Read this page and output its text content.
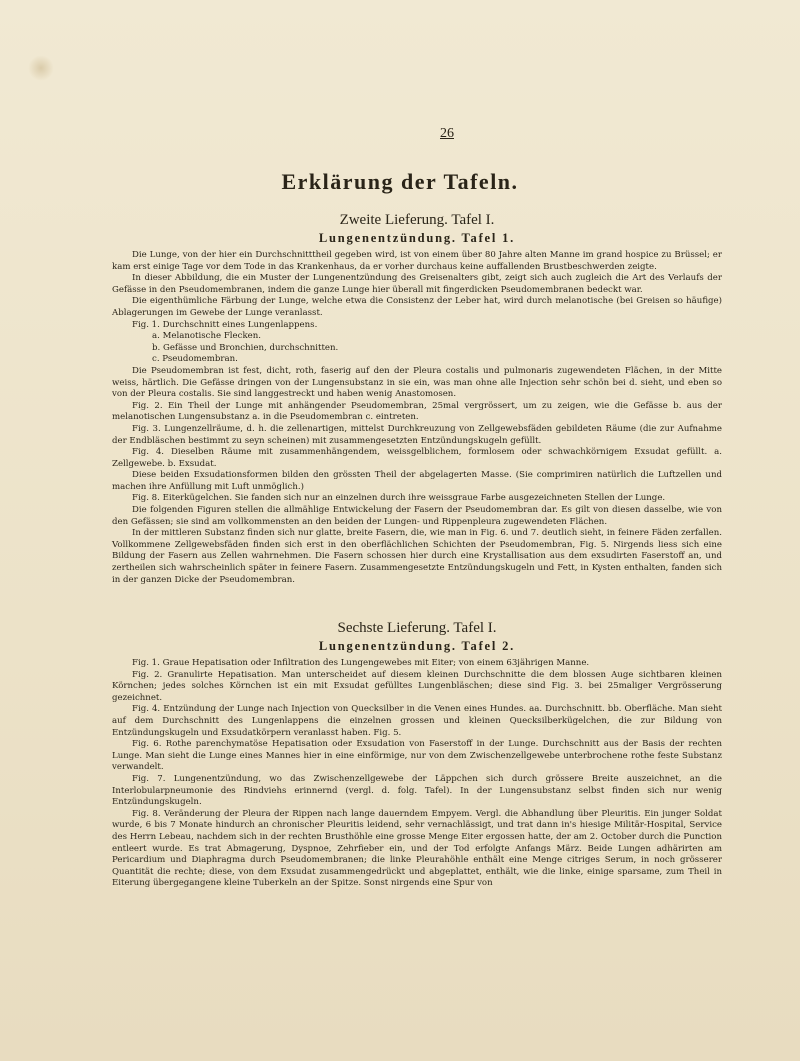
26
Erklärung der Tafeln.
Zweite Lieferung. Tafel I.
Lungenentzündung. Tafel 1.

Die Lunge, von der hier ein Durchschnitttheil gegeben wird, ist von einem über 80 Jahre alten Manne im grand hospice zu Brüssel; er kam erst einige Tage vor dem Tode in das Krankenhaus, da er vorher durchaus keine auffallenden Brustbeschwerden zeigte.

In dieser Abbildung, die ein Muster der Lungenentzündung des Greisenalters gibt, zeigt sich auch zugleich die Art des Verlaufs der Gefässe in den Pseudomembranen, indem die ganze Lunge hier überall mit fingerdicken Pseudomembranen bedeckt war.

Die eigenthümliche Färbung der Lunge, welche etwa die Consistenz der Leber hat, wird durch melanotische (bei Greisen so häufige) Ablagerungen im Gewebe der Lunge veranlasst.

Fig. 1. Durchschnitt eines Lungenlappens.

a. Melanotische Flecken.
b. Gefässe und Bronchien, durchschnitten.
c. Pseudomembran.

Die Pseudomembran ist fest, dicht, roth, faserig auf den der Pleura costalis und pulmonaris zugewendeten Flächen, in der Mitte weiss, härtlich. Die Gefässe dringen von der Lungensubstanz in sie ein, was man ohne alle Injection sehr schön bei d. sieht, und eben so von der Pleura costalis. Sie sind langgestreckt und haben wenig Anastomosen.

Fig. 2. Ein Theil der Lunge mit anhängender Pseudomembran, 25mal vergrössert, um zu zeigen, wie die Gefässe b. aus der melanotischen Lungensubstanz a. in die Pseudomembran c. eintreten.

Fig. 3. Lungenzellräume, d. h. die zellenartigen, mittelst Durchkreuzung von Zellgewebsfäden gebildeten Räume (die zur Aufnahme der Endbläschen bestimmt zu seyn scheinen) mit zusammengesetzten Entzündungskugeln gefüllt.

Fig. 4. Dieselben Räume mit zusammenhängendem, weissgelblichem, formlosem oder schwachkörnigem Exsudat gefüllt. a. Zellgewebe. b. Exsudat.

Diese beiden Exsudationsformen bilden den grössten Theil der abgelagerten Masse. (Sie comprimiren natürlich die Luftzellen und machen ihre Anfüllung mit Luft unmöglich.)

Fig. 8. Eiterkügelchen. Sie fanden sich nur an einzelnen durch ihre weissgraue Farbe ausgezeichneten Stellen der Lunge.

Die folgenden Figuren stellen die allmählige Entwickelung der Fasern der Pseudomembran dar. Es gilt von diesen dasselbe, wie von den Gefässen; sie sind am vollkommensten an den beiden der Lungen- und Rippenpleura zugewendeten Flächen.

In der mittleren Substanz finden sich nur glatte, breite Fasern, die, wie man in Fig. 6. und 7. deutlich sieht, in feinere Fäden zerfallen. Vollkommene Zellgewebsfäden finden sich erst in den oberflächlichen Schichten der Pseudomembran, Fig. 5. Nirgends liess sich eine Bildung der Fasern aus Zellen wahrnehmen. Die Fasern schossen hier durch eine Krystallisation aus dem exsudirten Faserstoff an, und zertheilen sich wahrscheinlich später in feinere Fasern. Zusammengesetzte Entzündungskugeln und Fett, in Kysten enthalten, fanden sich in der ganzen Dicke der Pseudomembran.

Sechste Lieferung. Tafel I.
Lungenentzündung. Tafel 2.

Fig. 1. Graue Hepatisation oder Infiltration des Lungengewebes mit Eiter; von einem 63jährigen Manne.

Fig. 2. Granulirte Hepatisation. Man unterscheidet auf diesem kleinen Durchschnitte die dem blossen Auge sichtbaren kleinen Körnchen; jedes solches Körnchen ist ein mit Exsudat gefülltes Lungenbläschen; diese sind Fig. 3. bei 25maliger Vergrösserung gezeichnet.

Fig. 4. Entzündung der Lunge nach Injection von Quecksilber in die Venen eines Hundes. aa. Durchschnitt. bb. Oberfläche. Man sieht auf dem Durchschnitt des Lungenlappens die einzelnen grossen und kleinen Quecksilberkügelchen, die zur Bildung von Entzündungskugeln und Exsudatkörpern veranlasst haben. Fig. 5.

Fig. 6. Rothe parenchymatöse Hepatisation oder Exsudation von Faserstoff in der Lunge. Durchschnitt aus der Basis der rechten Lunge. Man sieht die Lunge eines Mannes hier in eine einförmige, nur von dem Zwischenzellgewebe unterbrochene rothe feste Substanz verwandelt.

Fig. 7. Lungenentzündung, wo das Zwischenzellgewebe der Läppchen sich durch grössere Breite auszeichnet, an die Interlobularpneumonie des Rindviehs erinnernd (vergl. d. folg. Tafel). In der Lungensubstanz selbst finden sich nur wenig Entzündungskugeln.

Fig. 8. Veränderung der Pleura der Rippen nach lange dauerndem Empyem. Vergl. die Abhandlung über Pleuritis. Ein junger Soldat wurde, 6 bis 7 Monate hindurch an chronischer Pleuritis leidend, sehr vernachlässigt, und trat dann in's hiesige Militär-Hospital, Service des Herrn Lebeau, nachdem sich in der rechten Brusthöhle eine grosse Menge Eiter ergossen hatte, der am 2. October durch die Punction entleert wurde. Es trat Abmagerung, Dyspnoe, Zehrfieber ein, und der Tod erfolgte Anfangs März. Beide Lungen adhärirten am Pericardium und Diaphragma durch Pseudomembranen; die linke Pleurahöhle enthält eine Menge citriges Serum, in noch grösserer Quantität die rechte; diese, von dem Exsudat zusammengedrückt und abgeplattet, enthält, wie die linke, einige sparsame, zum Theil in Eiterung übergegangene kleine Tuberkeln an der Spitze. Sonst nirgends eine Spur von
